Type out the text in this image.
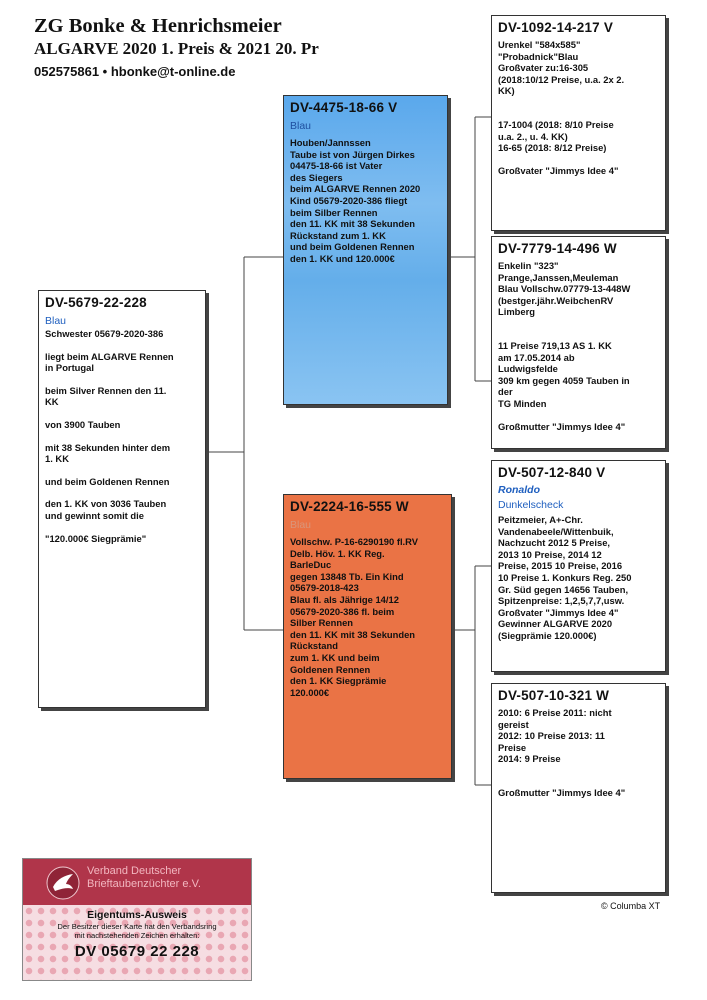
ZG Bonke & Henrichsmeier
ALGARVE 2020 1. Preis & 2021 20. Pr
052575861 • hbonke@t-online.de
DV-5679-22-228
Blau
Schwester 05679-2020-386
liegt beim ALGARVE Rennen
in Portugal
beim Silver Rennen den 11.
KK
von 3900 Tauben
mit 38 Sekunden hinter dem
1. KK
und beim Goldenen Rennen
den 1. KK von 3036 Tauben
und gewinnt somit die
"120.000€ Siegprämie"
DV-4475-18-66 V
Blau
Houben/Jannssen
Taube ist von Jürgen Dirkes
04475-18-66 ist Vater
des Siegers
beim ALGARVE Rennen 2020
Kind 05679-2020-386 fliegt
beim Silber Rennen
den 11. KK mit 38 Sekunden
Rückstand zum 1. KK
und beim Goldenen Rennen
den 1. KK und 120.000€
DV-2224-16-555 W
Blau
Vollschw. P-16-6290190 fl.RV
Delb. Höv. 1. KK Reg.
BarleDuc
gegen 13848 Tb. Ein Kind
05679-2018-423
Blau fl. als Jährige 14/12
05679-2020-386 fl. beim
Silber Rennen
den 11. KK mit 38 Sekunden
Rückstand
zum 1. KK und beim
Goldenen Rennen
den 1. KK Siegprämie
120.000€
DV-1092-14-217 V
Urenkel "584x585"
"Probadnick"Blau
Großvater zu:16-305
(2018:10/12 Preise, u.a. 2x 2.
KK)
17-1004 (2018: 8/10 Preise
u.a. 2., u. 4. KK)
16-65 (2018: 8/12 Preise)
Großvater "Jimmys Idee 4"
DV-7779-14-496 W
Enkelin "323"
Prange,Janssen,Meuleman
Blau Vollschw.07779-13-448W
(bestger.jähr.WeibchenRV
Limberg
11 Preise 719,13 AS 1. KK
am 17.05.2014 ab
Ludwigsfelde
309 km gegen 4059 Tauben in
der
TG Minden
Großmutter "Jimmys Idee 4"
DV-507-12-840 V
Ronaldo
Dunkelscheck
Peitzmeier, A+-Chr.
Vandenabeele/Wittenbuik,
Nachzucht 2012 5 Preise,
2013 10 Preise, 2014 12
Preise, 2015 10 Preise, 2016
10 Preise 1. Konkurs Reg. 250
Gr. Süd gegen 14656 Tauben,
Spitzenpreise: 1,2,5,7,7,usw.
Großvater "Jimmys Idee 4"
Gewinner ALGARVE 2020
(Siegprämie 120.000€)
DV-507-10-321 W
2010: 6 Preise 2011: nicht
gereist
2012: 10 Preise 2013: 11
Preise
2014: 9 Preise
Großmutter "Jimmys Idee 4"
Verband Deutscher
Brieftaubenzüchter e.V.
Eigentums-Ausweis
Der Besitzer dieser Karte hat den Verbandsring
mit nachstehenden Zeichen erhalten:
DV 05679 22 228
© Columba XT
